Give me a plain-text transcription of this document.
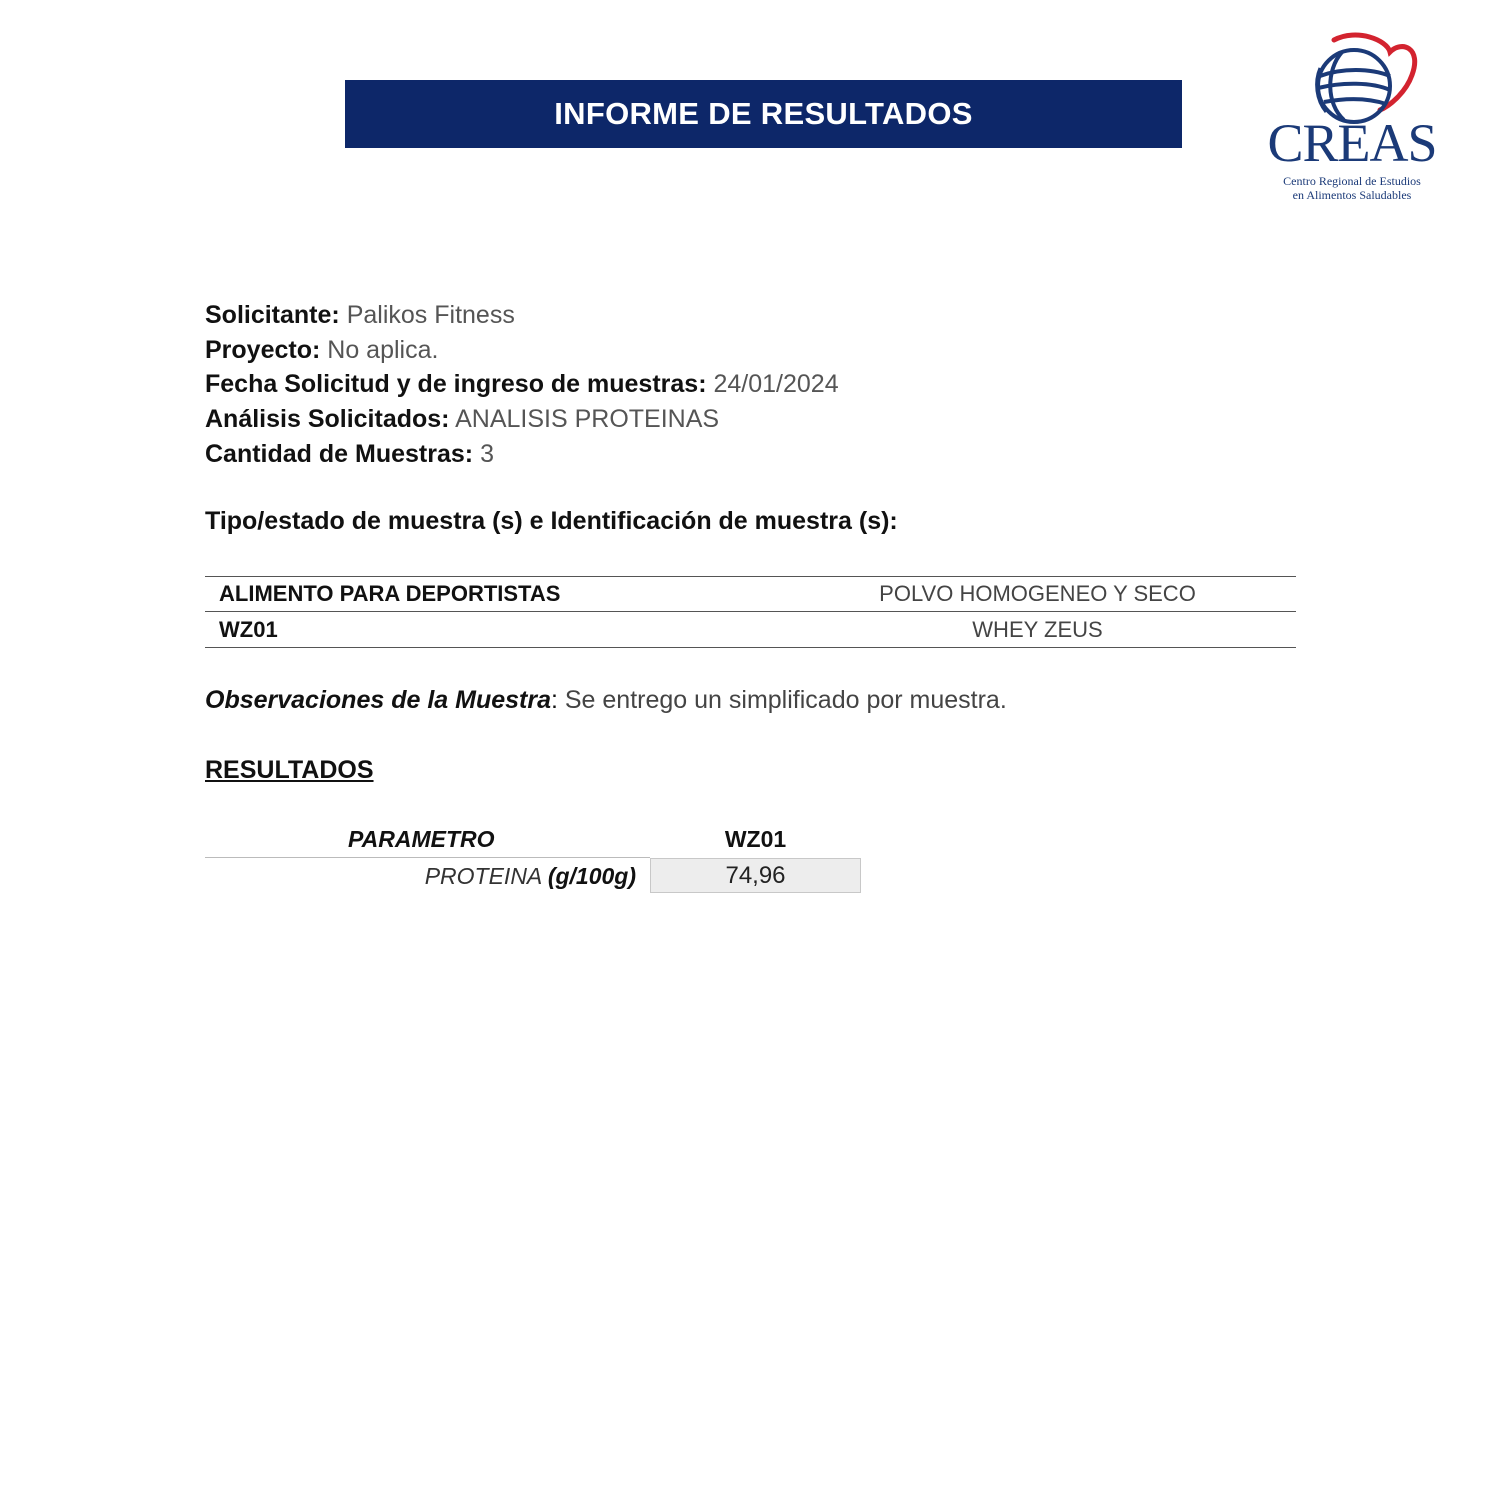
INFORME DE RESULTADOS	CREAS
Centro Regional de Estudios
en Alimentos Saludables
Solicitante: Palikos Fitness
Proyecto: No aplica.
Fecha Solicitud y de ingreso de muestras: 24/01/2024
Análisis Solicitados: ANALISIS PROTEINAS
Cantidad de Muestras: 3
Tipo/estado de muestra (s) e Identificación de muestra (s):
ALIMENTO PARA DEPORTISTAS	POLVO HOMOGENEO Y SECO
WZ01	WHEY ZEUS
Observaciones de la Muestra: Se entrego un simplificado por muestra.
RESULTADOS
PARAMETRO	WZ01
PROTEINA (g/100g)	74,96
